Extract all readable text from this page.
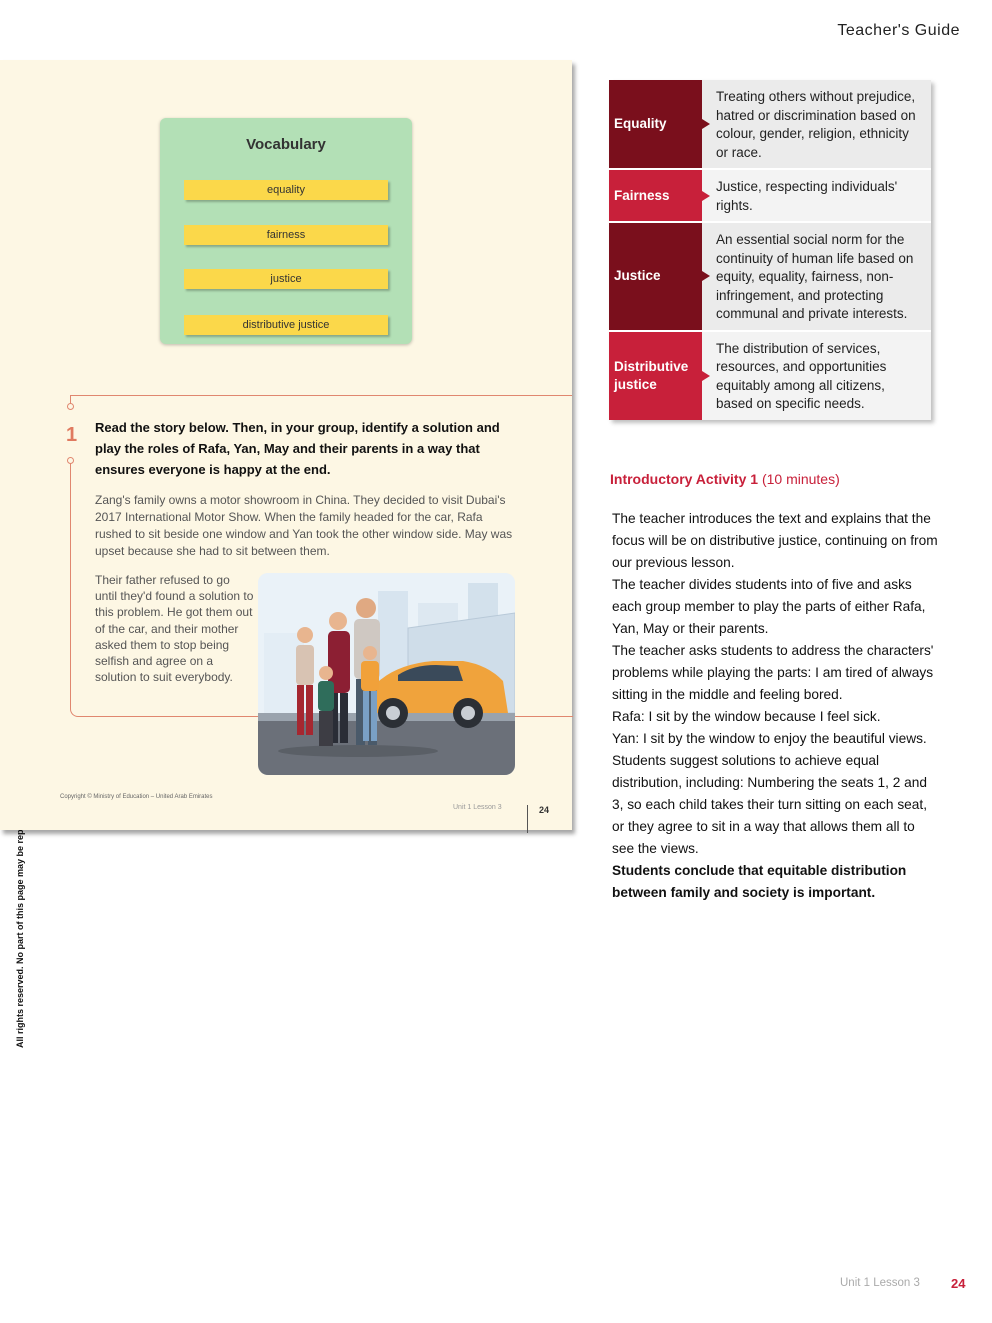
Teacher's Guide
Vocabulary
equality
fairness
justice
distributive justice
1 Read the story below. Then, in your group, identify a solution and play the roles of Rafa, Yan, May and their parents in a way that ensures everyone is happy at the end.
Zang's family owns a motor showroom in China. They decided to visit Dubai's 2017 International Motor Show. When the family headed for the car, Rafa rushed to sit beside one window and Yan took the other window side. May was upset because she had to sit between them.
Their father refused to go until they'd found a solution to this problem. He got them out of the car, and their mother asked them to stop being selfish and agree on a solution to suit everybody.
Copyright © Ministry of Education – United Arab Emirates
Unit 1 Lesson 3	24
Equality
Treating others without prejudice, hatred or discrimination based on colour, gender, religion, ethnicity or race.
Fairness
Justice, respecting individuals' rights.
Justice
An essential social norm for the continuity of human life based on equity, equality, fairness, non-infringement, and protecting communal and private interests.
Distributive justice
The distribution of services, resources, and opportunities equitably among all citizens, based on specific needs.
Introductory Activity 1 (10 minutes)

The teacher introduces the text and explains that the focus will be on distributive justice, continuing on from our previous lesson.

The teacher divides students into of five and asks each group member to play the parts of either Rafa, Yan, May or their parents.

The teacher asks students to address the characters' problems while playing the parts: I am tired of always sitting in the middle and feeling bored.

Rafa: I sit by the window because I feel sick.

Yan: I sit by the window to enjoy the beautiful views.

Students suggest solutions to achieve equal distribution, including: Numbering the seats 1, 2 and 3, so each child takes their turn sitting on each seat, or they agree to sit in a way that allows them all to see the views.

Students conclude that equitable distribution between family and society is important.

Unit 1 Lesson 3 24
